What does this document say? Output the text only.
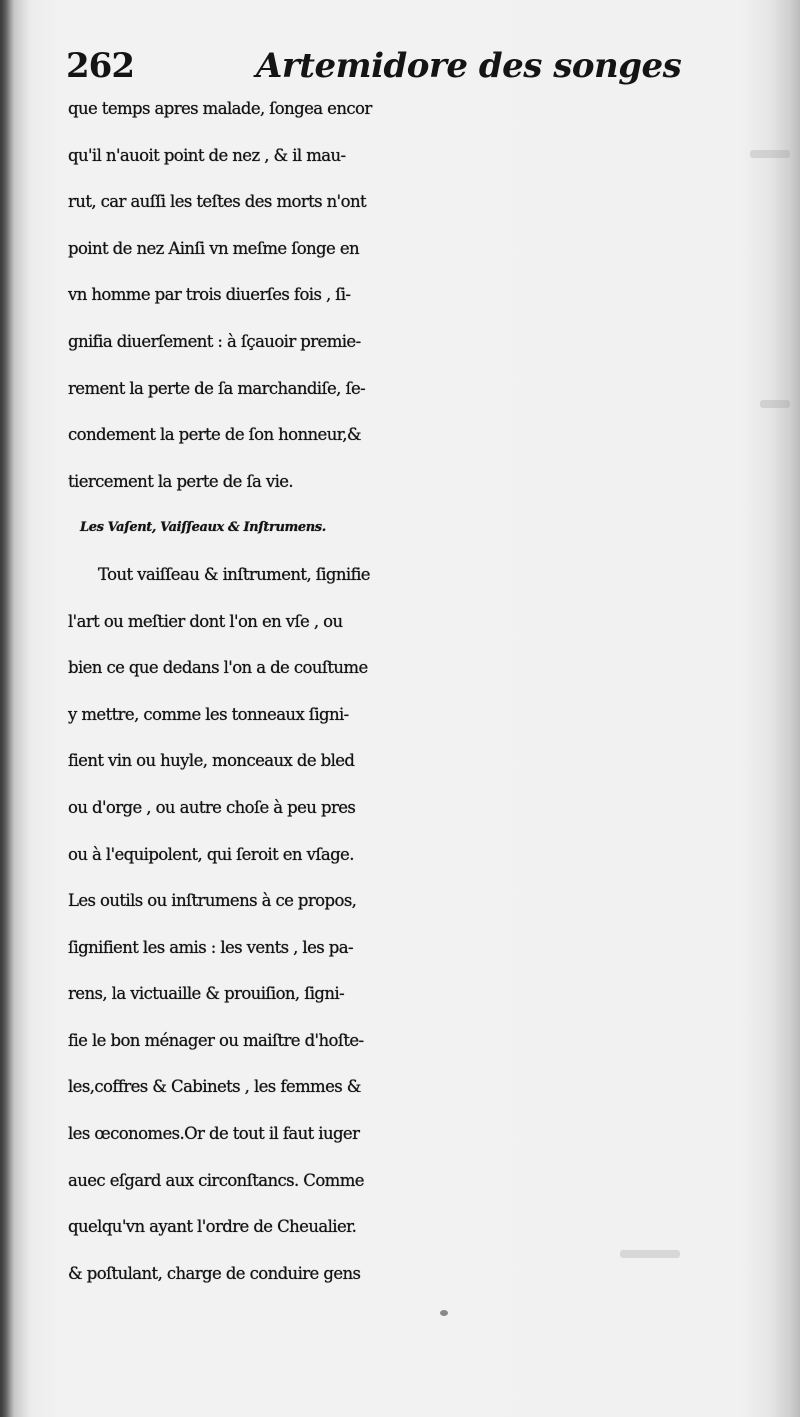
262	Artemidore des songes
que temps apres malade, ſongea encor
qu'il n'auoit point de nez , & il mau-
rut, car auſſi les teſtes des morts n'ont
point de nez Ainſi vn meſme ſonge en
vn homme par trois diuerſes fois , ſi-
gnifia diuerſement : à ſçauoir premie-
rement la perte de ſa marchandiſe, ſe-
condement la perte de ſon honneur,&
tiercement la perte de ſa vie.
Les Vaſent, Vaiſſeaux & Inſtrumens.
Tout vaiſſeau & inſtrument, ſignifie
l'art ou meſtier dont l'on en vſe , ou
bien ce que dedans l'on a de couſtume
y mettre, comme les tonneaux ſigni-
fient vin ou huyle, monceaux de bled
ou d'orge , ou autre choſe à peu pres
ou à l'equipolent, qui ſeroit en vſage.
Les outils ou inſtrumens à ce propos,
ſignifient les amis : les vents , les pa-
rens, la victuaille & prouiſion, ſigni-
fie le bon ménager ou maiſtre d'hoſte-
les,coffres & Cabinets , les femmes &
les œconomes.Or de tout il faut iuger
auec eſgard aux circonſtancs. Comme
quelqu'vn ayant l'ordre de Cheualier.
& poſtulant, charge de conduire gens
